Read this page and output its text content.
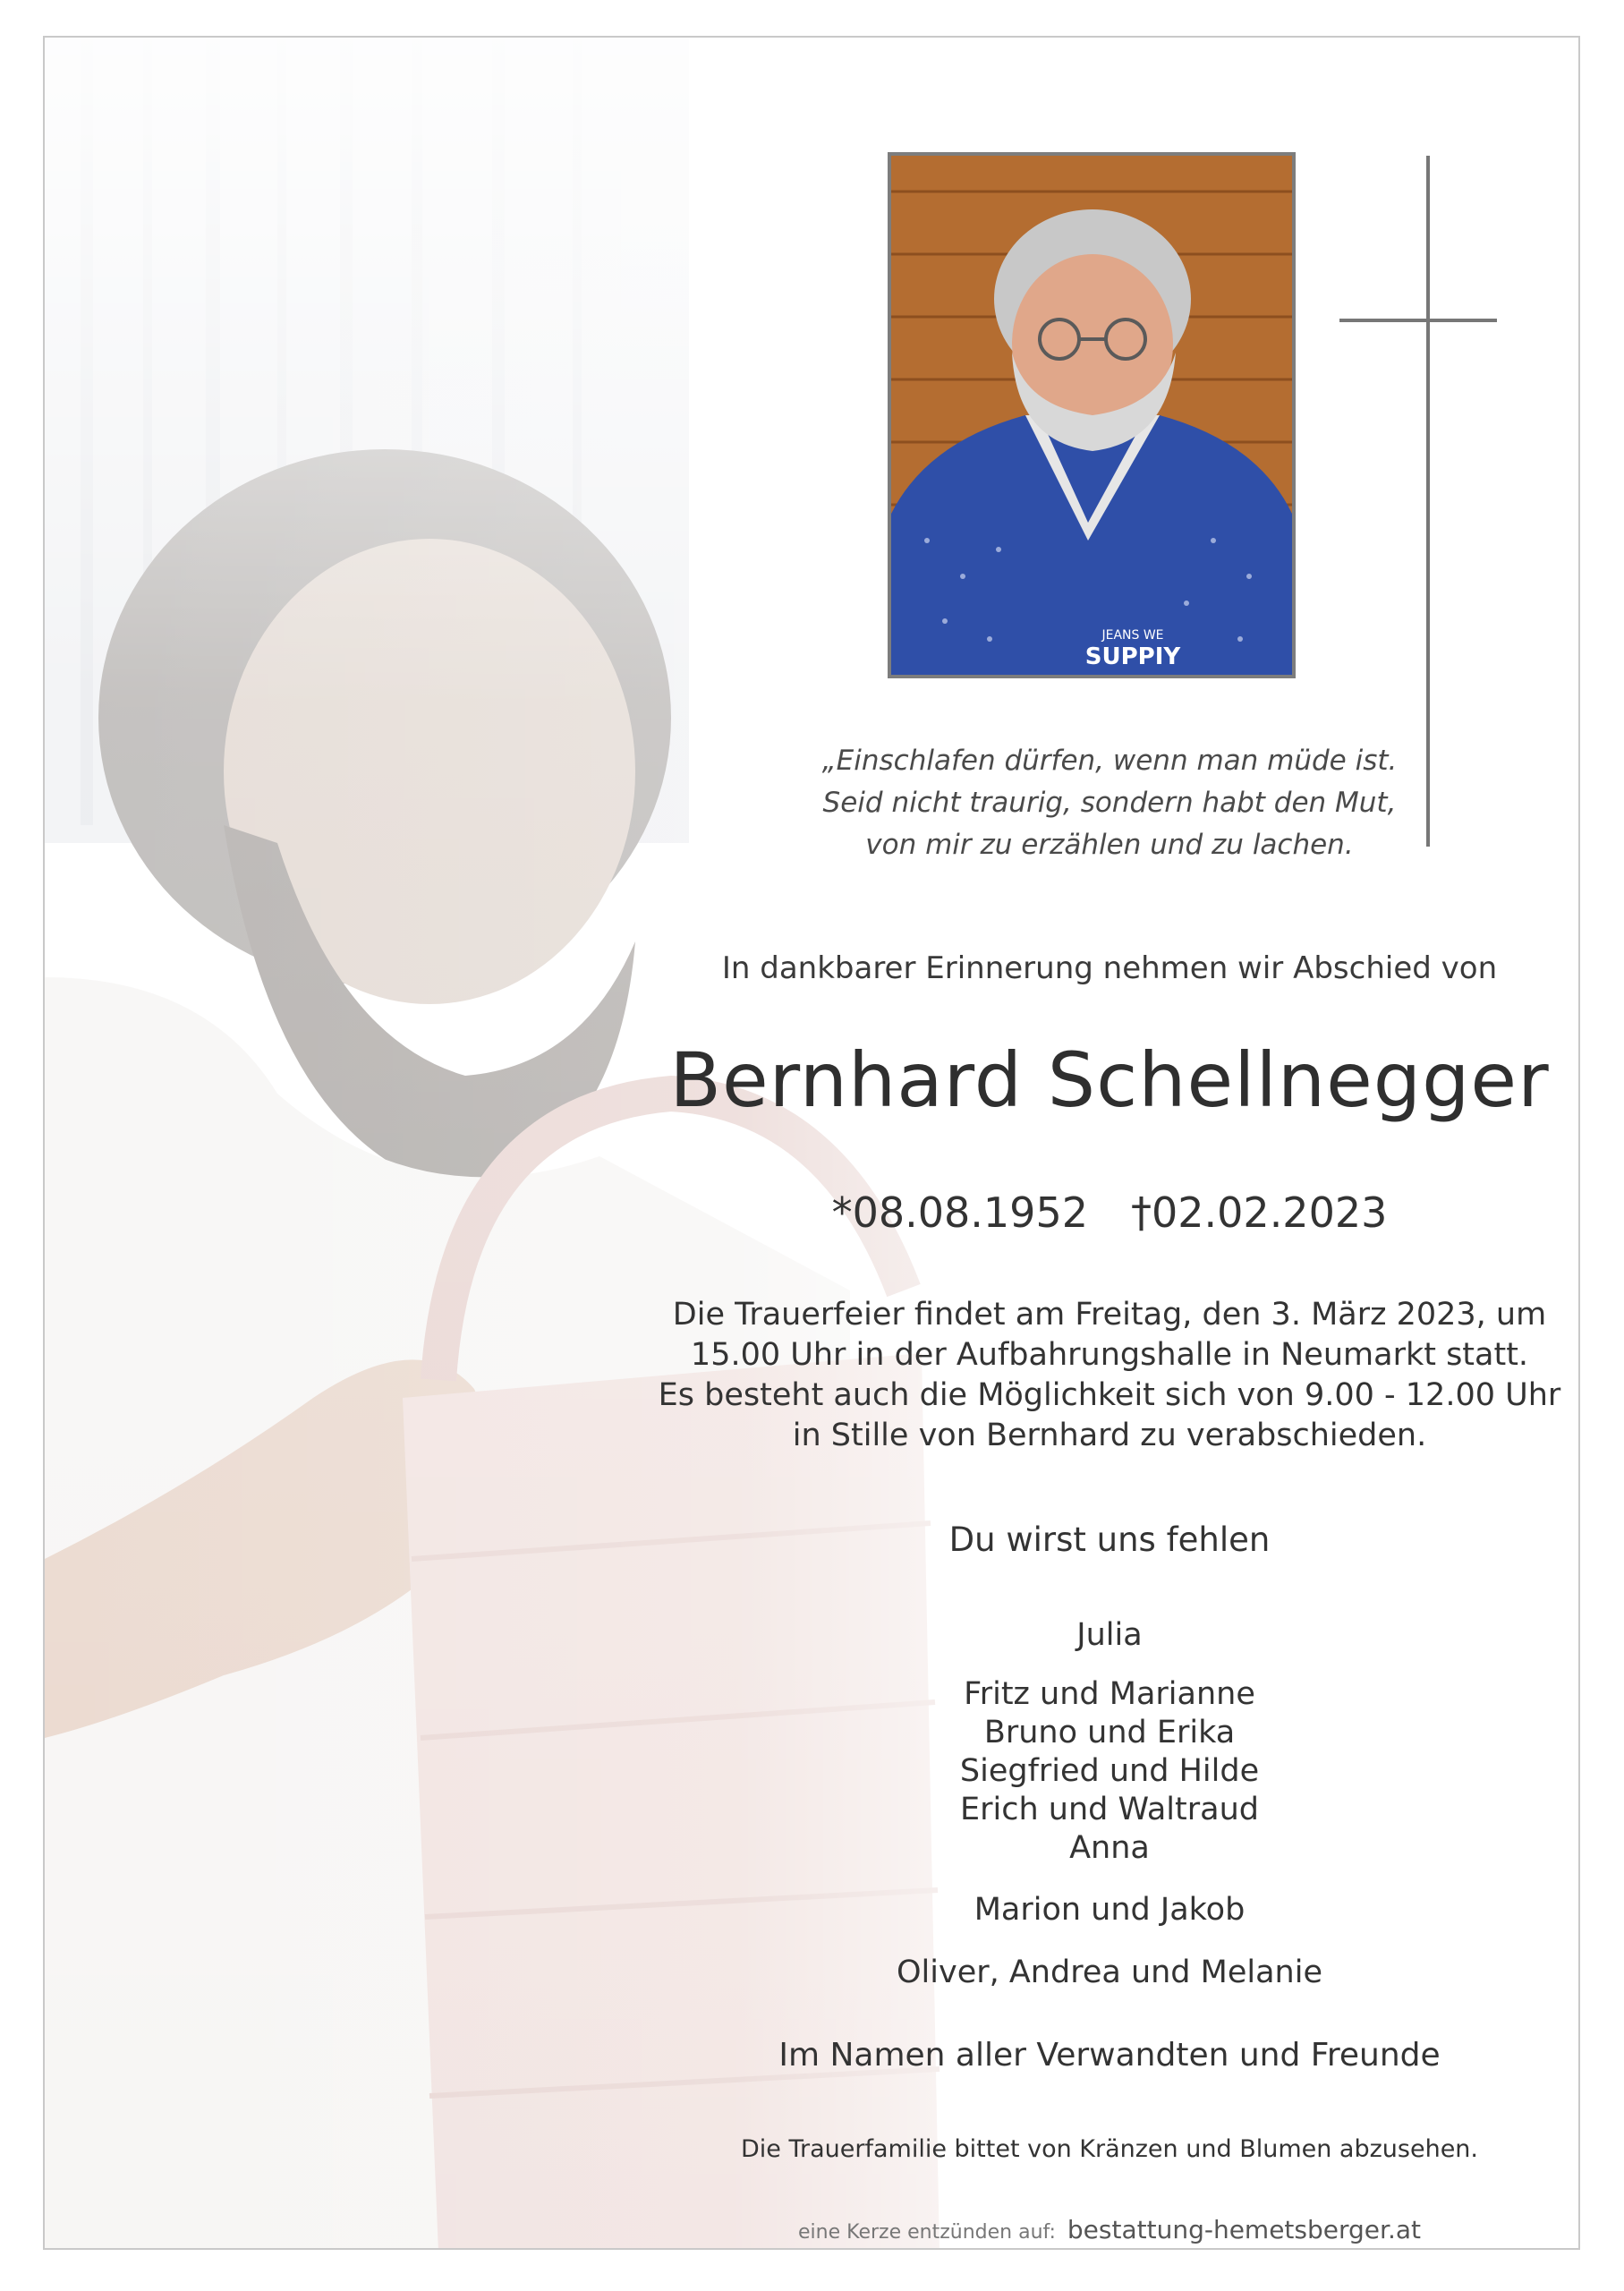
JEANS WE
SUPPIY
„Einschlafen dürfen, wenn man müde ist.
Seid nicht traurig, sondern habt den Mut,
von mir zu erzählen und zu lachen.
In dankbarer Erinnerung nehmen wir Abschied von
Bernhard Schellnegger
*08.08.1952 †02.02.2023
Die Trauerfeier findet am Freitag, den 3. März 2023, um
15.00 Uhr in der Aufbahrungshalle in Neumarkt statt.
Es besteht auch die Möglichkeit sich von 9.00 - 12.00 Uhr
in Stille von Bernhard zu verabschieden.
Du wirst uns fehlen
Julia
Fritz und Marianne
Bruno und Erika
Siegfried und Hilde
Erich und Waltraud
Anna
Marion und Jakob
Oliver, Andrea und Melanie
Im Namen aller Verwandten und Freunde
Die Trauerfamilie bittet von Kränzen und Blumen abzusehen.
eine Kerze entzünden auf: bestattung-hemetsberger.at
